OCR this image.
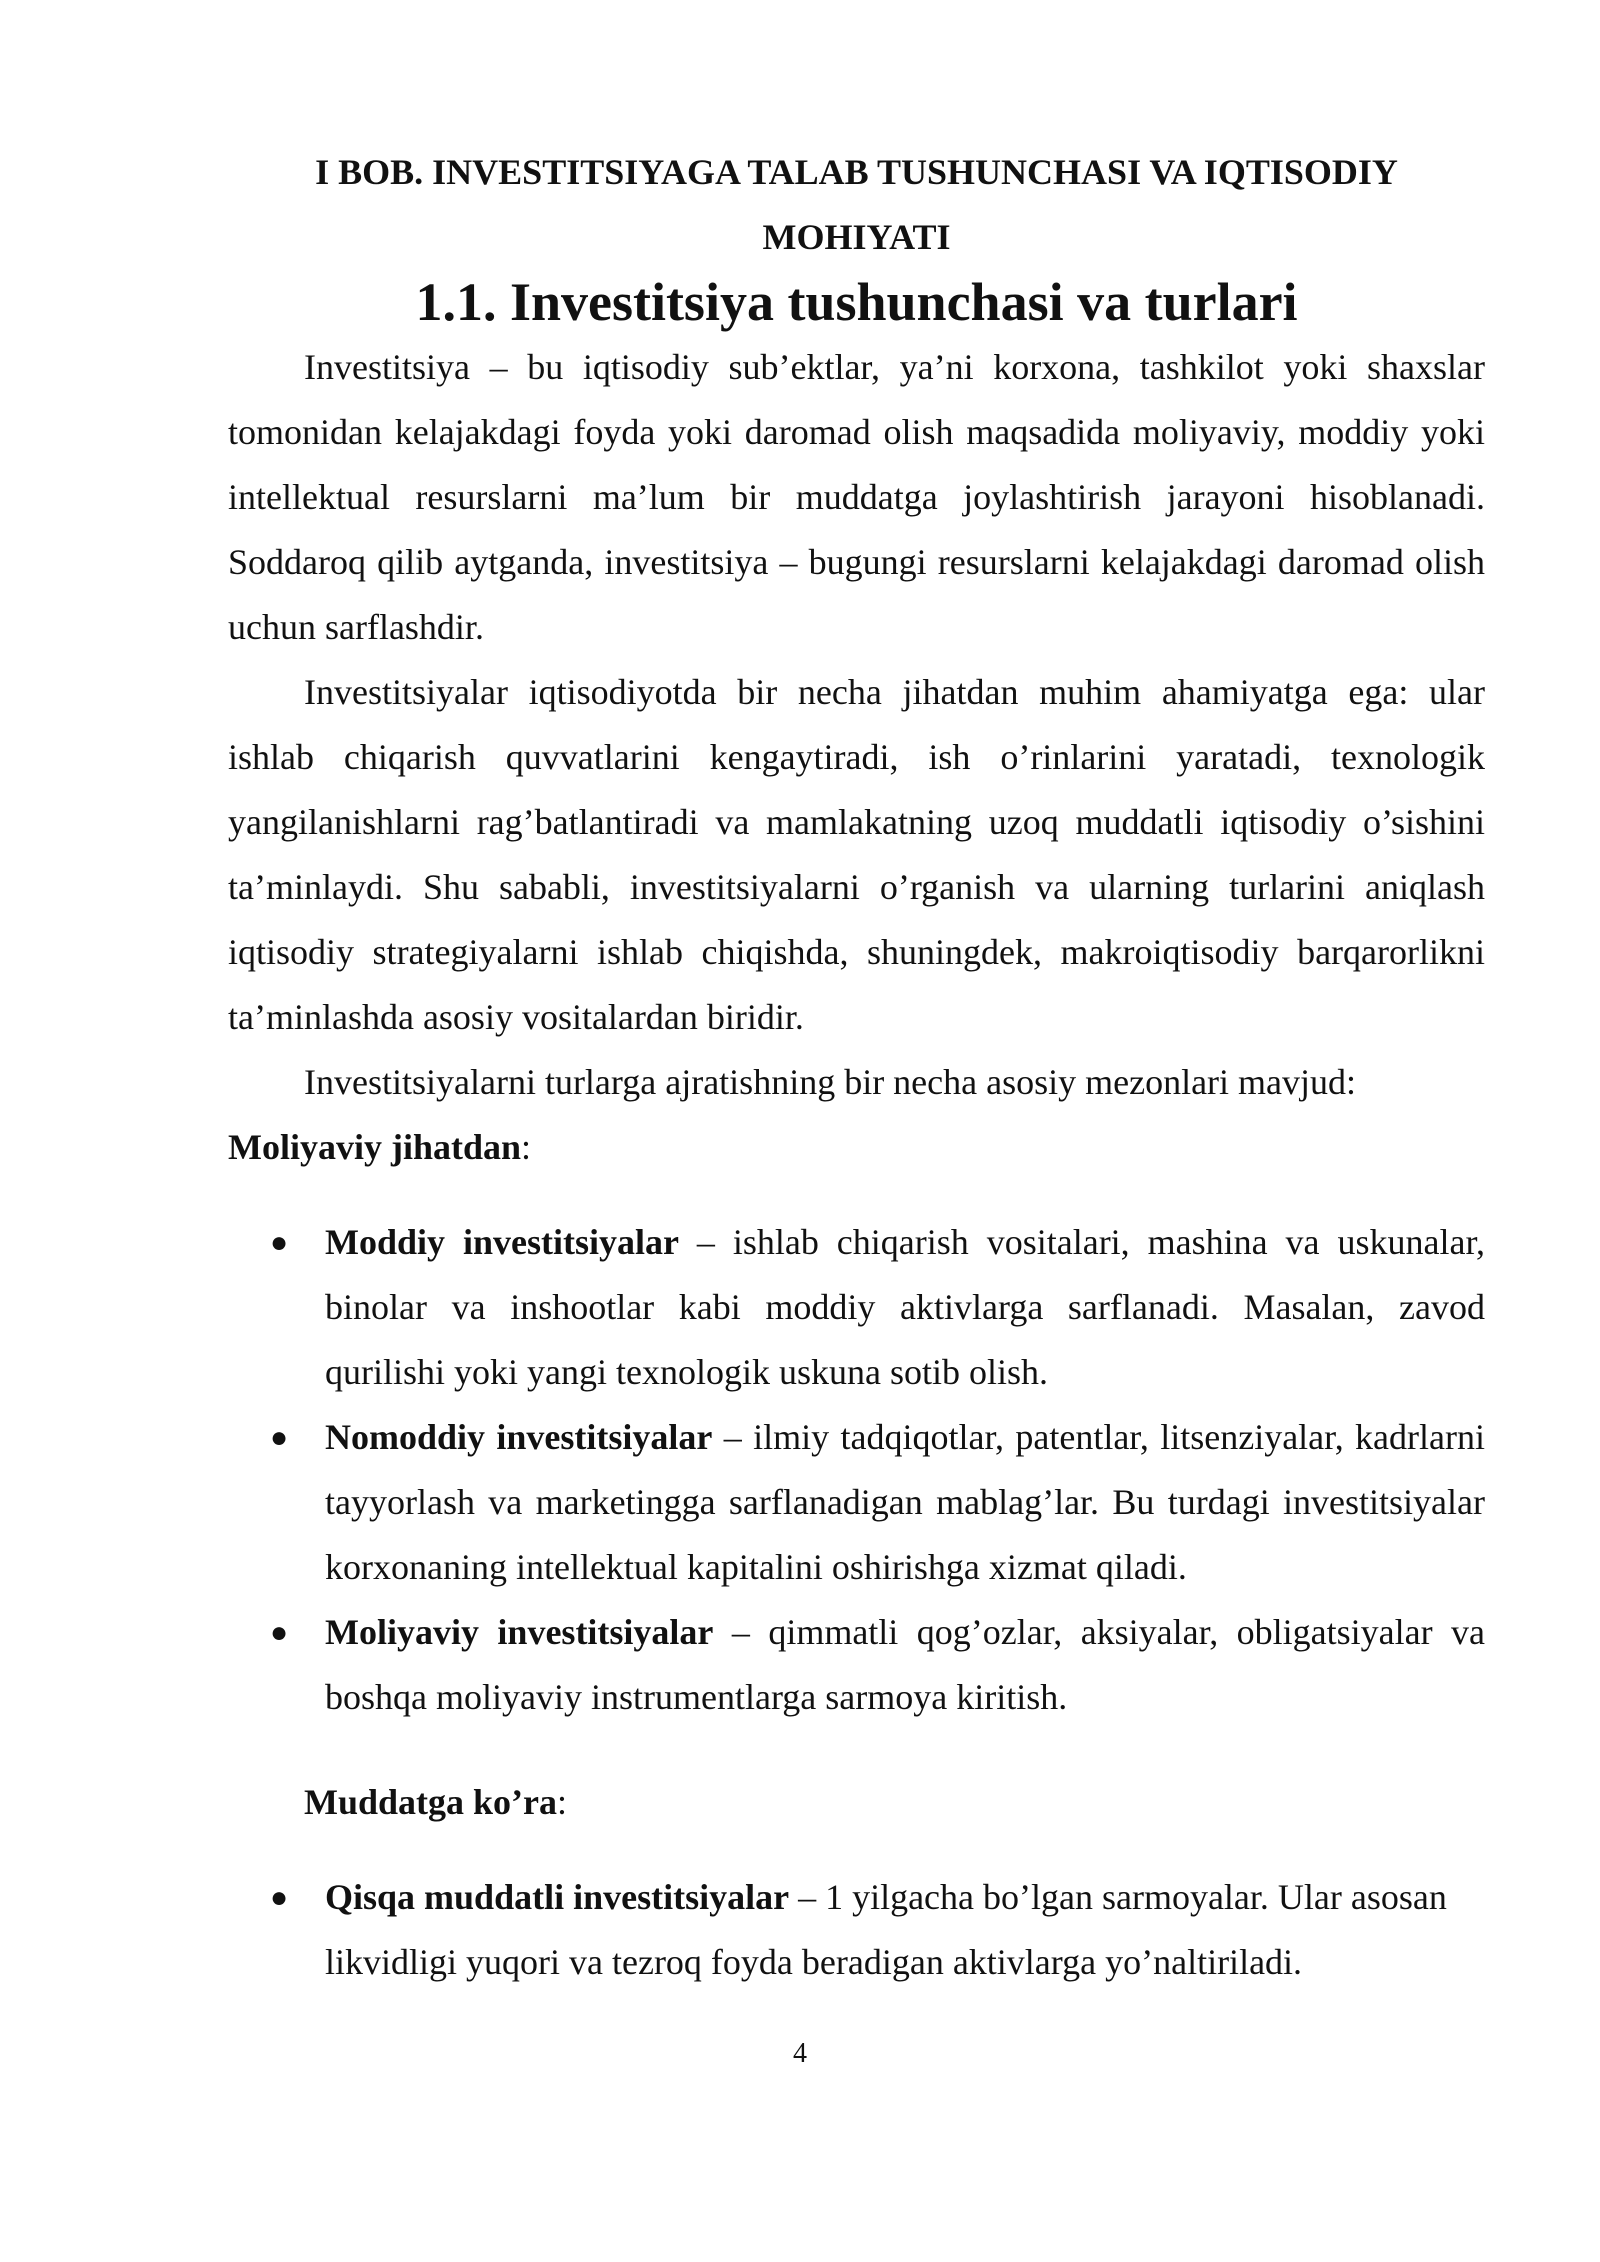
I BOB. INVESTITSIYAGA TALAB TUSHUNCHASI VA IQTISODIY
MOHIYATI
1.1. Investitsiya tushunchasi va turlari

Investitsiya – bu iqtisodiy sub’ektlar, ya’ni korxona, tashkilot yoki shaxslar tomonidan kelajakdagi foyda yoki daromad olish maqsadida moliyaviy, moddiy yoki intellektual resurslarni ma’lum bir muddatga joylashtirish jarayoni hisoblanadi. Soddaroq qilib aytganda, investitsiya – bugungi resurslarni kelajakdagi daromad olish uchun sarflashdir.

Investitsiyalar iqtisodiyotda bir necha jihatdan muhim ahamiyatga ega: ular ishlab chiqarish quvvatlarini kengaytiradi, ish o’rinlarini yaratadi, texnologik yangilanishlarni rag’batlantiradi va mamlakatning uzoq muddatli iqtisodiy o’sishini ta’minlaydi. Shu sababli, investitsiyalarni o’rganish va ularning turlarini aniqlash iqtisodiy strategiyalarni ishlab chiqishda, shuningdek, makroiqtisodiy barqarorlikni ta’minlashda asosiy vositalardan biridir.

Investitsiyalarni turlarga ajratishning bir necha asosiy mezonlari mavjud:

Moliyaviy jihatdan:
● Moddiy investitsiyalar – ishlab chiqarish vositalari, mashina va uskunalar, binolar va inshootlar kabi moddiy aktivlarga sarflanadi. Masalan, zavod qurilishi yoki yangi texnologik uskuna sotib olish.
● Nomoddiy investitsiyalar – ilmiy tadqiqotlar, patentlar, litsenziyalar, kadrlarni tayyorlash va marketingga sarflanadigan mablag’lar. Bu turdagi investitsiyalar korxonaning intellektual kapitalini oshirishga xizmat qiladi.
● Moliyaviy investitsiyalar – qimmatli qog’ozlar, aksiyalar, obligatsiyalar va boshqa moliyaviy instrumentlarga sarmoya kiritish.
Muddatga ko’ra:
● Qisqa muddatli investitsiyalar – 1 yilgacha bo’lgan sarmoyalar. Ular asosan likvidligi yuqori va tezroq foyda beradigan aktivlarga yo’naltiriladi.
4
